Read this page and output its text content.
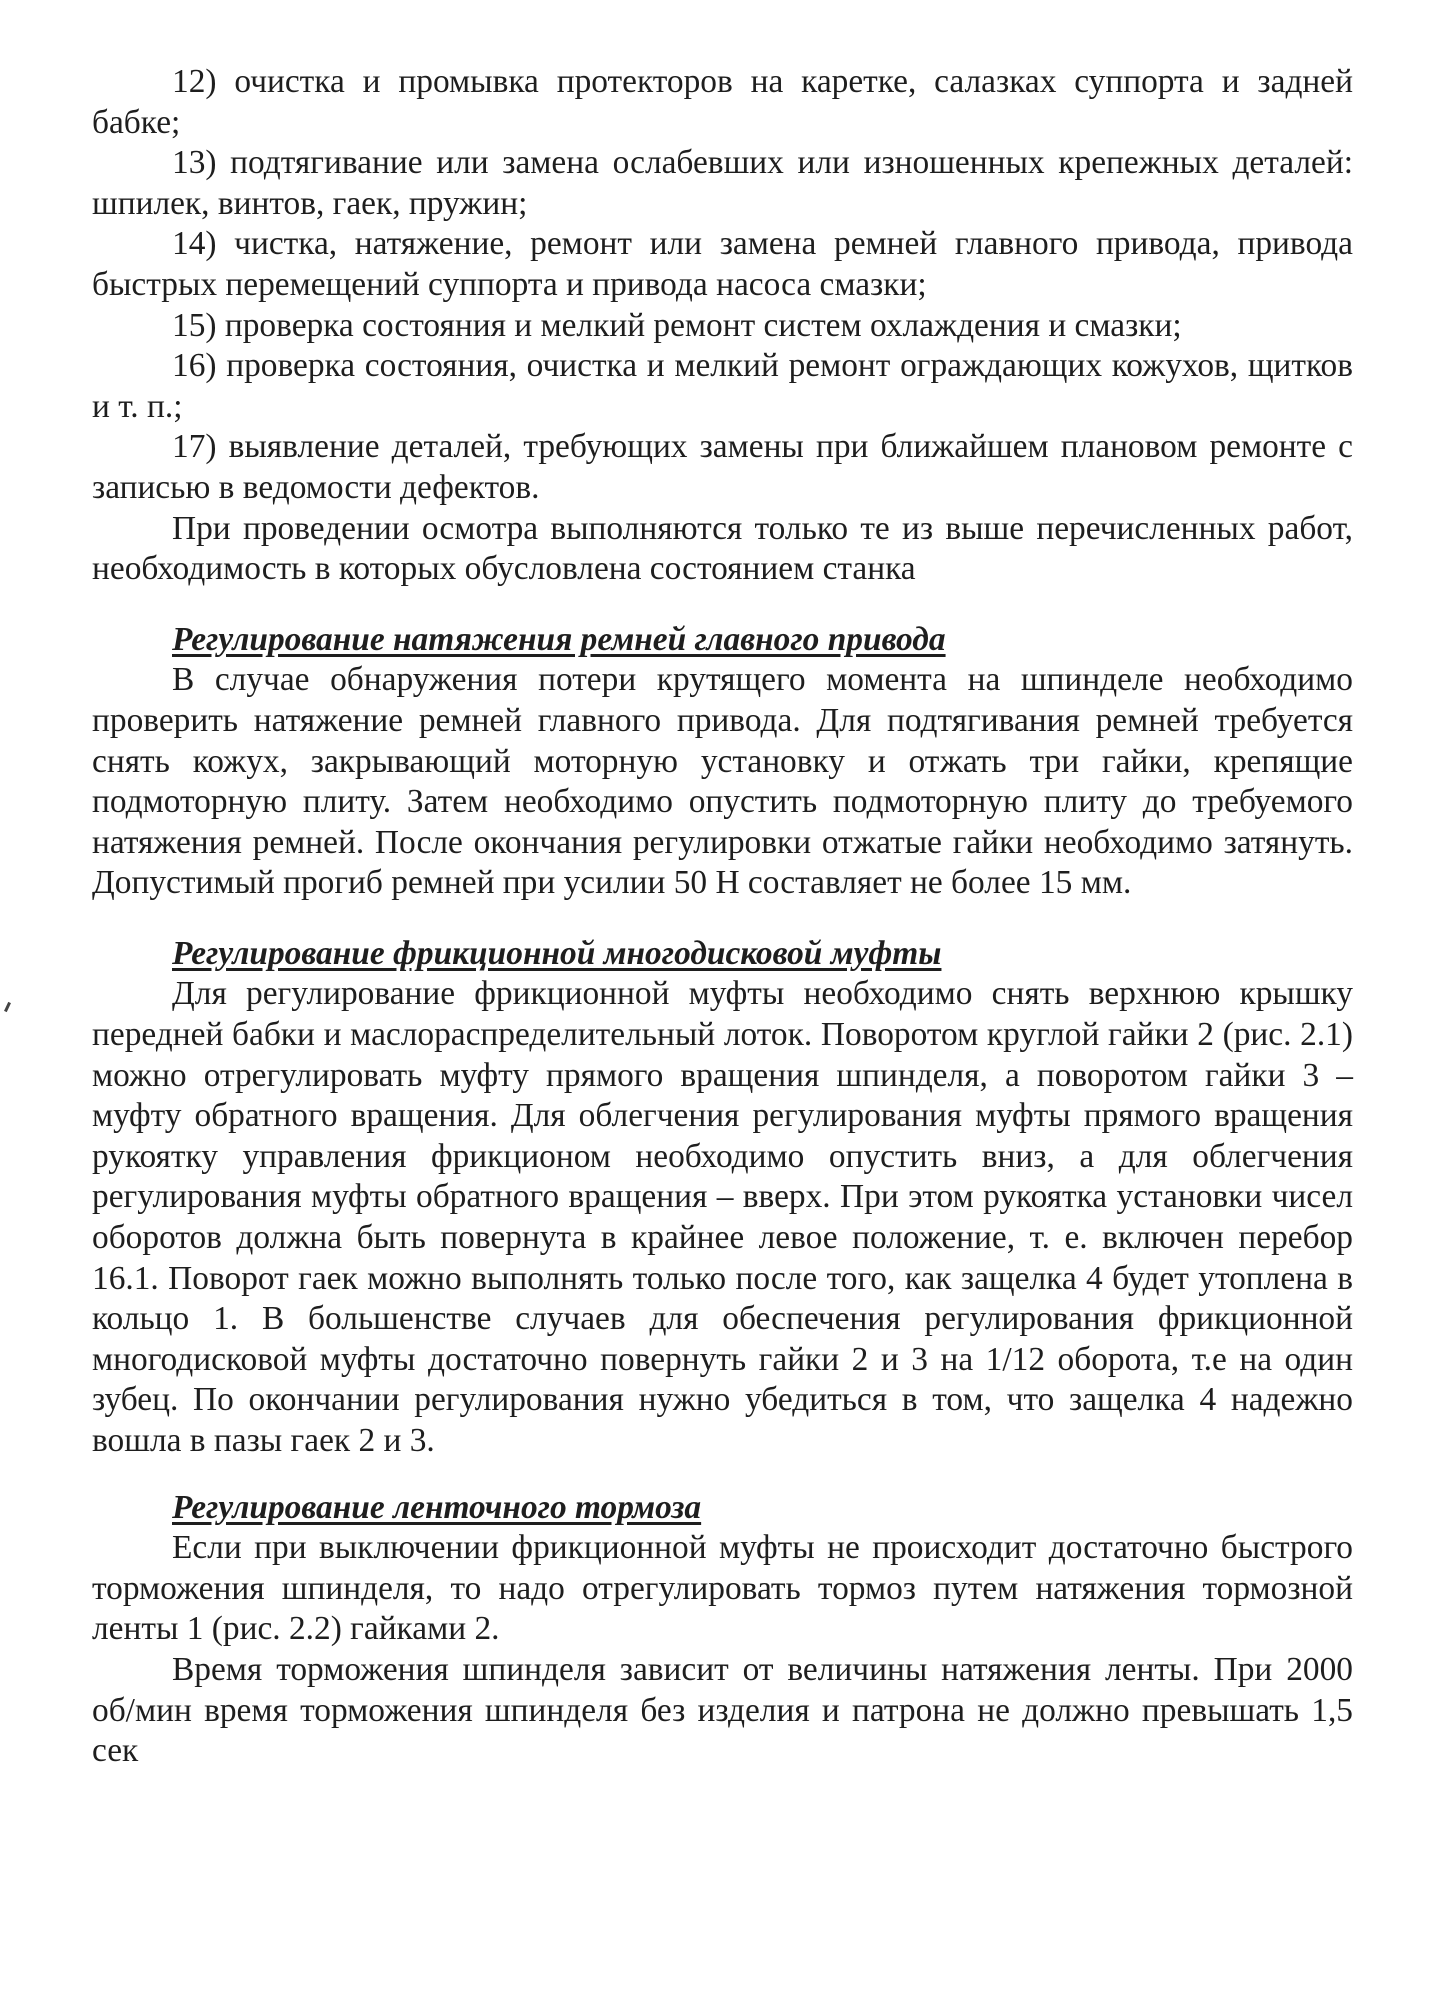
12) очистка и промывка протекторов на каретке, салазках суппорта и задней бабке;

13) подтягивание или замена ослабевших или изношенных крепежных деталей: шпилек, винтов, гаек, пружин;

14) чистка, натяжение, ремонт или замена ремней главного привода, привода быстрых перемещений суппорта и привода насоса смазки;

15) проверка состояния и мелкий ремонт систем охлаждения и смазки;

16) проверка состояния, очистка и мелкий ремонт ограждающих кожухов, щитков и т. п.;

17) выявление деталей, требующих замены при ближайшем плановом ремонте с записью в ведомости дефектов.

При проведении осмотра выполняются только те из выше перечисленных работ, необходимость в которых обусловлена состоянием станка

Регулирование натяжения ремней главного привода

В случае обнаружения потери крутящего момента на шпинделе необходимо проверить натяжение ремней главного привода. Для подтягивания ремней требуется снять кожух, закрывающий моторную установку и отжать три гайки, крепящие подмоторную плиту. Затем необходимо опустить подмоторную плиту до требуемого натяжения ремней. После окончания регулировки отжатые гайки необходимо затянуть. Допустимый прогиб ремней при усилии 50 Н составляет не более 15 мм.

Регулирование фрикционной многодисковой муфты

Для регулирование фрикционной муфты необходимо снять верхнюю крышку передней бабки и маслораспределительный лоток. Поворотом круглой гайки 2 (рис. 2.1) можно отрегулировать муфту прямого вращения шпинделя, а поворотом гайки 3 – муфту обратного вращения. Для облегчения регулирования муфты прямого вращения рукоятку управления фрикционом необходимо опустить вниз, а для облегчения регулирования муфты обратного вращения – вверх. При этом рукоятка установки чисел оборотов должна быть повернута в крайнее левое положение, т. е. включен перебор 16.1. Поворот гаек можно выполнять только после того, как защелка 4 будет утоплена в кольцо 1. В большенстве случаев для обеспечения регулирования фрикционной многодисковой муфты достаточно повернуть гайки 2 и 3 на 1/12 оборота, т.е на один зубец. По окончании регулирования нужно убедиться в том, что защелка 4 надежно вошла в пазы гаек 2 и 3.

Регулирование ленточного тормоза

Если при выключении фрикционной муфты не происходит достаточно быстрого торможения шпинделя, то надо отрегулировать тормоз путем натяжения тормозной ленты 1 (рис. 2.2) гайками 2.

Время торможения шпинделя зависит от величины натяжения ленты. При 2000 об/мин время торможения шпинделя без изделия и патрона не должно превышать 1,5 сек
